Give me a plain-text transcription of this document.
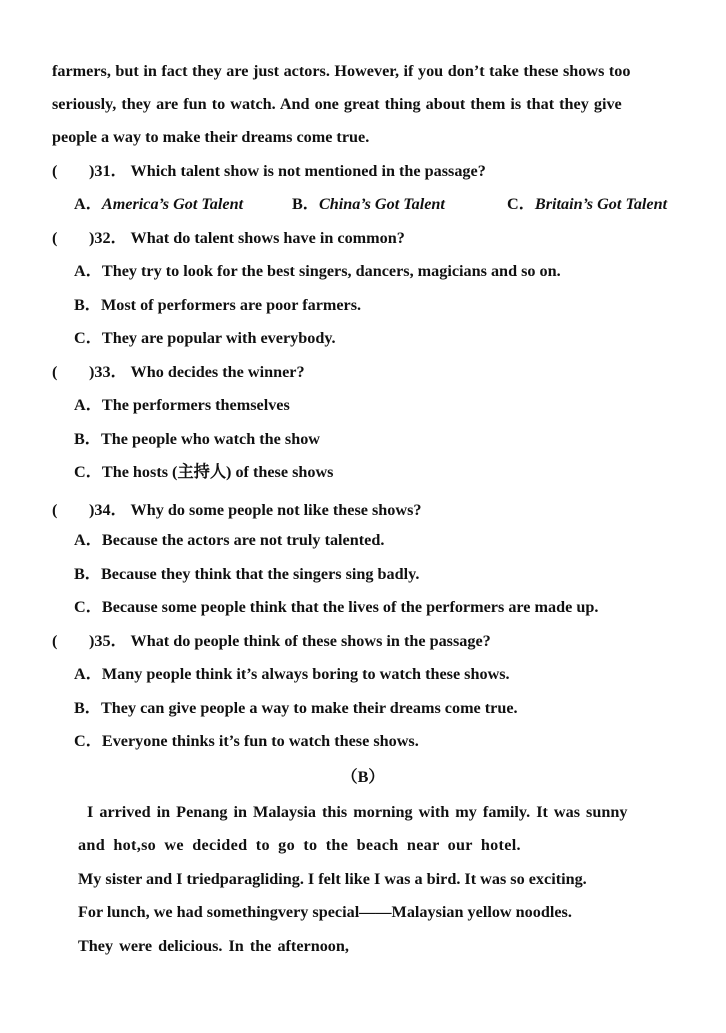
farmers, but in fact they are just actors. However, if you don’t take these shows too
seriously, they are fun to watch. And one great thing about them is that they give
people a way to make their dreams come true.
( )31． Which talent show is not mentioned in the passage?
A．America’s Got Talent	B．China’s Got Talent	C．Britain’s Got Talent
( )32． What do talent shows have in common?
A．They try to look for the best singers, dancers, magicians and so on.
B．Most of performers are poor farmers.
C．They are popular with everybody.
( )33． Who decides the winner?
A．The performers themselves
B．The people who watch the show
C．The hosts (主持人) of these shows
( )34． Why do some people not like these shows?
A．Because the actors are not truly talented.
B．Because they think that the singers sing badly.
C．Because some people think that the lives of the performers are made up.
( )35． What do people think of these shows in the passage?
A．Many people think it’s always boring to watch these shows.
B．They can give people a way to make their dreams come true.
C．Everyone thinks it’s fun to watch these shows.
（B）
I arrived in Penang in Malaysia this morning with my family. It was sunny
and hot,so we decided to go to the beach near our hotel.
My sister and I triedparagliding. I felt like I was a bird. It was so exciting.
For lunch, we had somethingvery special——Malaysian yellow noodles.
They were delicious. In the afternoon,
